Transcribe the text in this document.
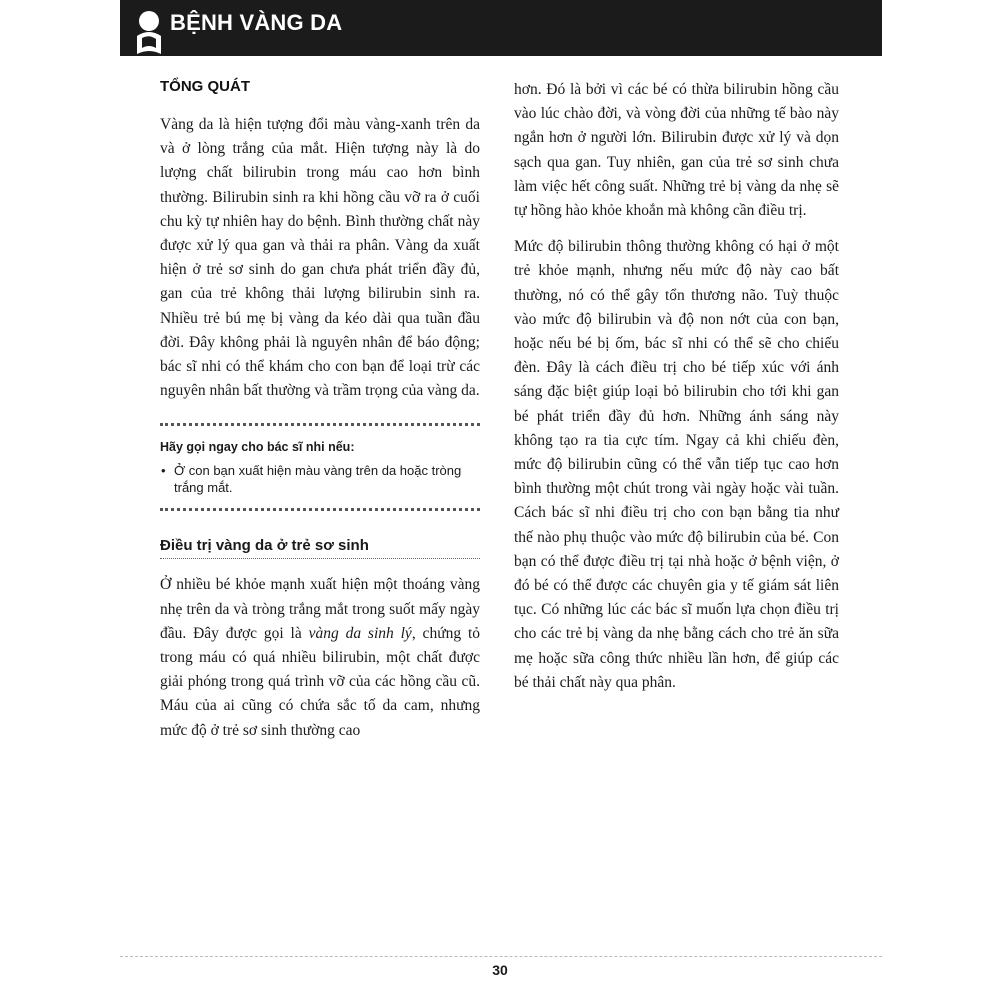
BỆNH VÀNG DA
TỔNG QUÁT

Vàng da là hiện tượng đổi màu vàng-xanh trên da và ở lòng trắng của mắt. Hiện tượng này là do lượng chất bilirubin trong máu cao hơn bình thường. Bilirubin sinh ra khi hồng cầu vỡ ra ở cuối chu kỳ tự nhiên hay do bệnh. Bình thường chất này được xử lý qua gan và thải ra phân. Vàng da xuất hiện ở trẻ sơ sinh do gan chưa phát triển đầy đủ, gan của trẻ không thải lượng bilirubin sinh ra. Nhiều trẻ bú mẹ bị vàng da kéo dài qua tuần đầu đời. Đây không phải là nguyên nhân để báo động; bác sĩ nhi có thể khám cho con bạn để loại trừ các nguyên nhân bất thường và trầm trọng của vàng da.

Hãy gọi ngay cho bác sĩ nhi nếu:
• Ở con bạn xuất hiện màu vàng trên da hoặc tròng trắng mắt.
Điều trị vàng da ở trẻ sơ sinh

Ở nhiều bé khỏe mạnh xuất hiện một thoáng vàng nhẹ trên da và tròng trắng mắt trong suốt mấy ngày đầu. Đây được gọi là vàng da sinh lý, chứng tỏ trong máu có quá nhiều bilirubin, một chất được giải phóng trong quá trình vỡ của các hồng cầu cũ. Máu của ai cũng có chứa sắc tố da cam, nhưng mức độ ở trẻ sơ sinh thường cao

hơn. Đó là bởi vì các bé có thừa bilirubin hồng cầu vào lúc chào đời, và vòng đời của những tế bào này ngắn hơn ở người lớn. Bilirubin được xử lý và dọn sạch qua gan. Tuy nhiên, gan của trẻ sơ sinh chưa làm việc hết công suất. Những trẻ bị vàng da nhẹ sẽ tự hồng hào khỏe khoắn mà không cần điều trị.

Mức độ bilirubin thông thường không có hại ở một trẻ khỏe mạnh, nhưng nếu mức độ này cao bất thường, nó có thể gây tổn thương não. Tuỳ thuộc vào mức độ bilirubin và độ non nớt của con bạn, hoặc nếu bé bị ốm, bác sĩ nhi có thể sẽ cho chiếu đèn. Đây là cách điều trị cho bé tiếp xúc với ánh sáng đặc biệt giúp loại bỏ bilirubin cho tới khi gan bé phát triển đầy đủ hơn. Những ánh sáng này không tạo ra tia cực tím. Ngay cả khi chiếu đèn, mức độ bilirubin cũng có thể vẫn tiếp tục cao hơn bình thường một chút trong vài ngày hoặc vài tuần. Cách bác sĩ nhi điều trị cho con bạn bằng tia như thế nào phụ thuộc vào mức độ bilirubin của bé. Con bạn có thể được điều trị tại nhà hoặc ở bệnh viện, ở đó bé có thể được các chuyên gia y tế giám sát liên tục. Có những lúc các bác sĩ muốn lựa chọn điều trị cho các trẻ bị vàng da nhẹ bằng cách cho trẻ ăn sữa mẹ hoặc sữa công thức nhiều lần hơn, để giúp các bé thải chất này qua phân.

30
